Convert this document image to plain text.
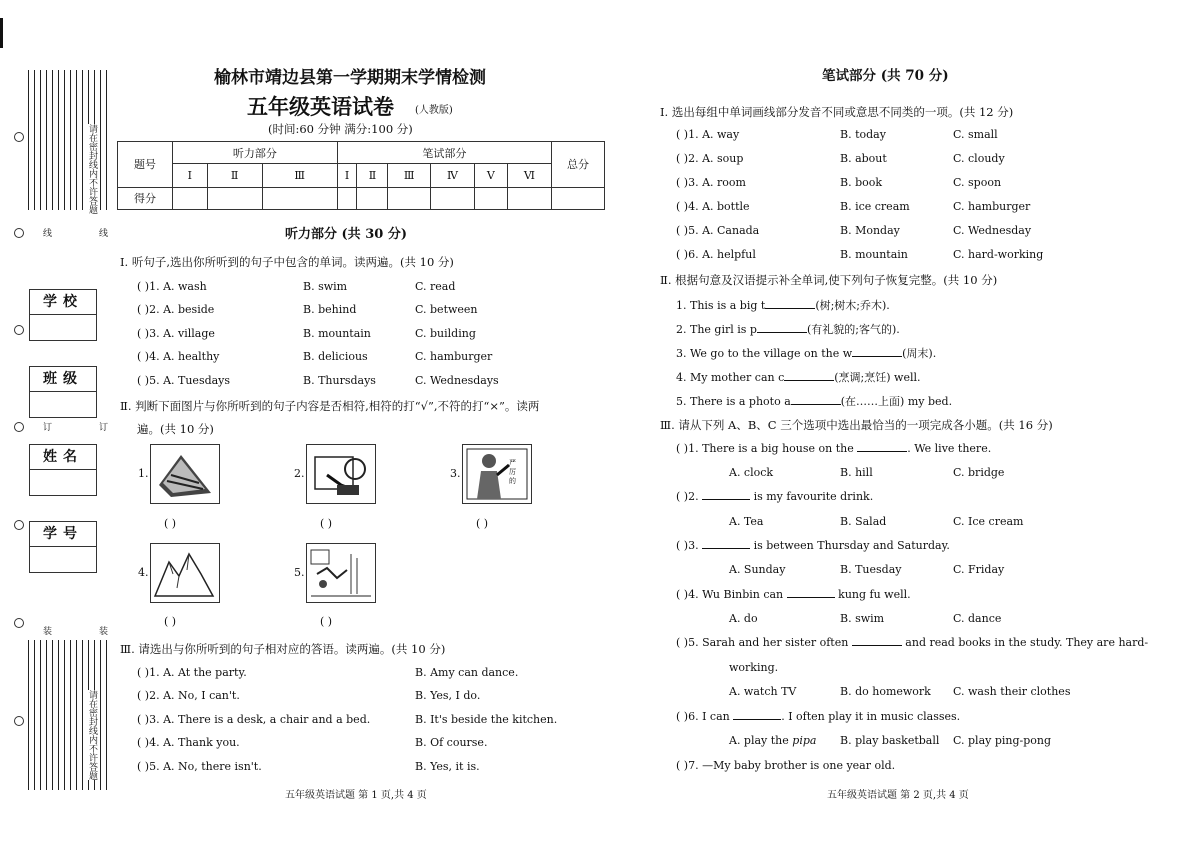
请在密封线内不许答题
请在密封线内不许答题
线
线
订
订
装
装
学校
班级
姓名
学号
榆林市靖边县第一学期期末学情检测
五年级英语试卷 (人教版)
(时间:60 分钟 满分:100 分)
题号	听力部分			笔试部分						总分
	Ⅰ	Ⅱ	Ⅲ	Ⅰ	Ⅱ	Ⅲ	Ⅳ	Ⅴ	Ⅵ	
得分										
听力部分 (共 30 分)
Ⅰ. 听句子,选出你所听到的句子中包含的单词。读两遍。(共 10 分)
( )1. A. wash	B. swim	C. read
( )2. A. beside	B. behind	C. between
( )3. A. village	B. mountain	C. building
( )4. A. healthy	B. delicious	C. hamburger
( )5. A. Tuesdays	B. Thursdays	C. Wednesdays
Ⅱ. 判断下面图片与你所听到的句子内容是否相符,相符的打“√”,不符的打“×”。读两
遍。(共 10 分)
1.
( )
2.
( )
3.
严 厉 的
( )
4.
( )
5.
( )
Ⅲ. 请选出与你所听到的句子相对应的答语。读两遍。(共 10 分)
( )1. A. At the party.	B. Amy can dance.
( )2. A. No, I can't.	B. Yes, I do.
( )3. A. There is a desk, a chair and a bed.	B. It's beside the kitchen.
( )4. A. Thank you.	B. Of course.
( )5. A. No, there isn't.	B. Yes, it is.
五年级英语试题 第 1 页,共 4 页
笔试部分 (共 70 分)
Ⅰ. 选出每组中单词画线部分发音不同或意思不同类的一项。(共 12 分)
( )1. A. way	B. today	C. small
( )2. A. soup	B. about	C. cloudy
( )3. A. room	B. book	C. spoon
( )4. A. bottle	B. ice cream	C. hamburger
( )5. A. Canada	B. Monday	C. Wednesday
( )6. A. helpful	B. mountain	C. hard-working
Ⅱ. 根据句意及汉语提示补全单词,使下列句子恢复完整。(共 10 分)
1. This is a big t	(树;树木;乔木).
2. The girl is p	(有礼貌的;客气的).
3. We go to the village on the w	(周末).
4. My mother can c	(烹调;烹饪) well.
5. There is a photo a	(在……上面) my bed.
Ⅲ. 请从下列 A、B、C 三个选项中选出最恰当的一项完成各小题。(共 16 分)
( )1. There is a big house on the	. We live there.
A. clock	B. hill	C. bridge
( )2.	is my favourite drink.
A. Tea	B. Salad	C. Ice cream
( )3.	is between Thursday and Saturday.
A. Sunday	B. Tuesday	C. Friday
( )4. Wu Binbin can	kung fu well.
A. do	B. swim	C. dance
( )5. Sarah and her sister often	and read books in the study. They are hard-
working.
A. watch TV	B. do homework C. wash their clothes
( )6. I can	. I often play it in music classes.
A. play the pipa B. play basketball C. play ping-pong
( )7. —My baby brother is one year old.
五年级英语试题 第 2 页,共 4 页
